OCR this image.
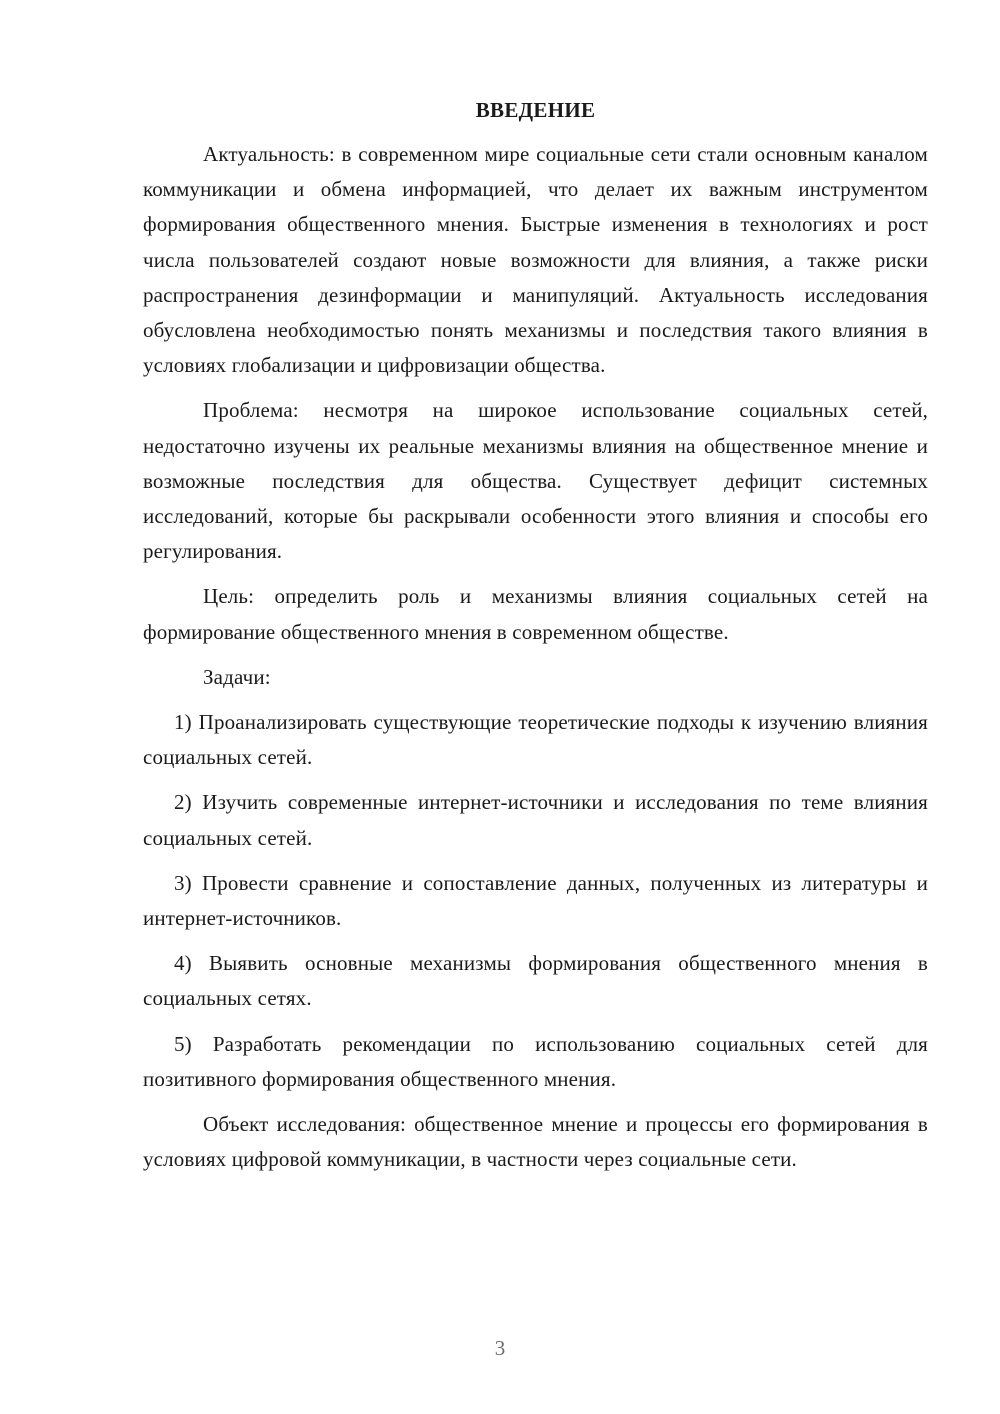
ВВЕДЕНИЕ

Актуальность: в современном мире социальные сети стали основным каналом коммуникации и обмена информацией, что делает их важным инструментом формирования общественного мнения. Быстрые изменения в технологиях и рост числа пользователей создают новые возможности для влияния, а также риски распространения дезинформации и манипуляций. Актуальность исследования обусловлена необходимостью понять механизмы и последствия такого влияния в условиях глобализации и цифровизации общества.

Проблема: несмотря на широкое использование социальных сетей, недостаточно изучены их реальные механизмы влияния на общественное мнение и возможные последствия для общества. Существует дефицит системных исследований, которые бы раскрывали особенности этого влияния и способы его регулирования.

Цель: определить роль и механизмы влияния социальных сетей на формирование общественного мнения в современном обществе.

Задачи:

1) Проанализировать существующие теоретические подходы к изучению влияния социальных сетей.

2) Изучить современные интернет-источники и исследования по теме влияния социальных сетей.

3) Провести сравнение и сопоставление данных, полученных из литературы и интернет-источников.

4) Выявить основные механизмы формирования общественного мнения в социальных сетях.

5) Разработать рекомендации по использованию социальных сетей для позитивного формирования общественного мнения.

Объект исследования: общественное мнение и процессы его формирования в условиях цифровой коммуникации, в частности через социальные сети.

3
